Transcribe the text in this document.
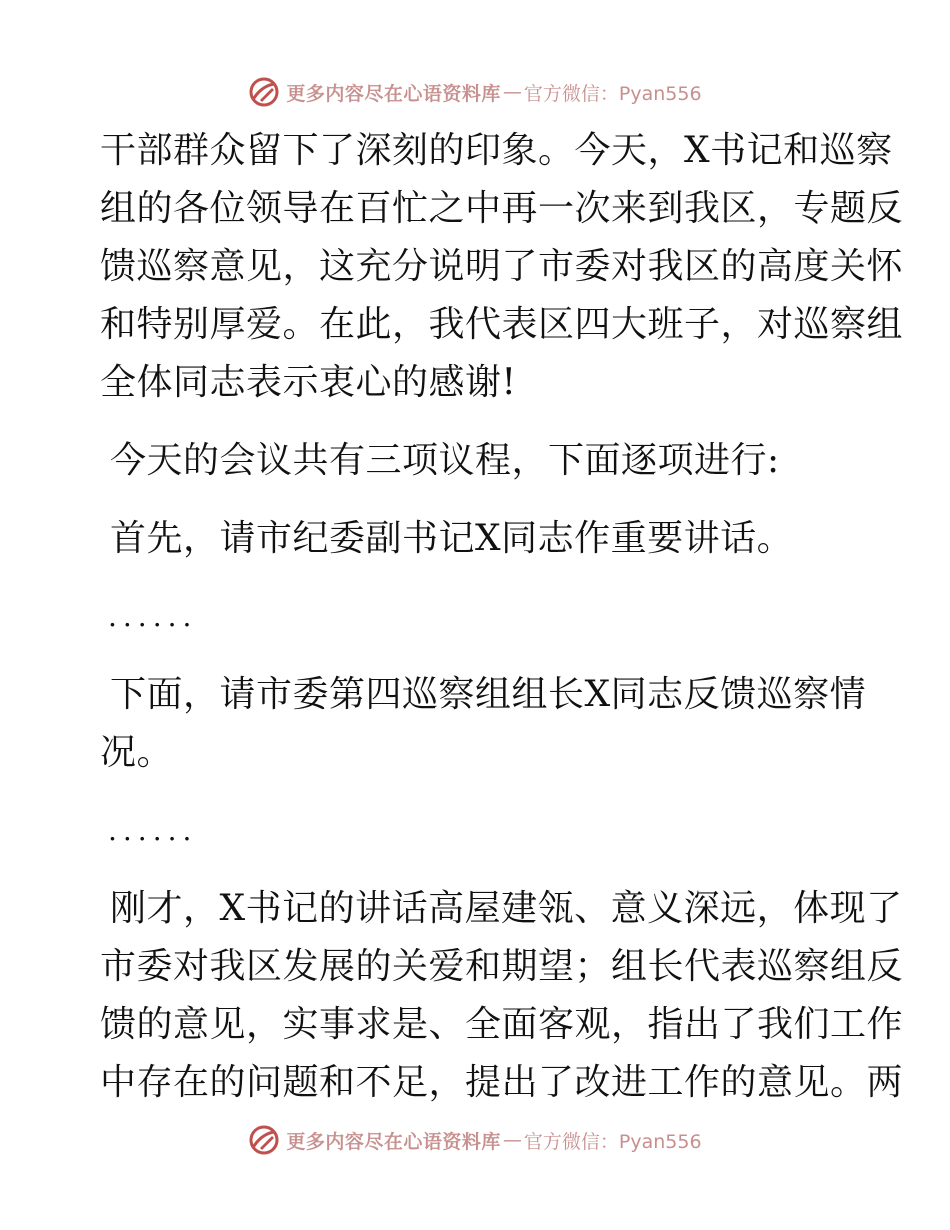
更多内容尽在心语资料库 — 官方微信：Pyan556
干部群众留下了深刻的印象。今天，X书记和巡察
组的各位领导在百忙之中再一次来到我区，专题反
馈巡察意见，这充分说明了市委对我区的高度关怀
和特别厚爱。在此，我代表区四大班子，对巡察组
全体同志表示衷心的感谢!
今天的会议共有三项议程，下面逐项进行:
首先，请市纪委副书记X同志作重要讲话。
......
下面，请市委第四巡察组组长X同志反馈巡察情
况。
......
刚才，X书记的讲话高屋建瓴、意义深远，体现了
市委对我区发展的关爱和期望；组长代表巡察组反
馈的意见，实事求是、全面客观，指出了我们工作
中存在的问题和不足，提出了改进工作的意见。两
更多内容尽在心语资料库 — 官方微信：Pyan556
